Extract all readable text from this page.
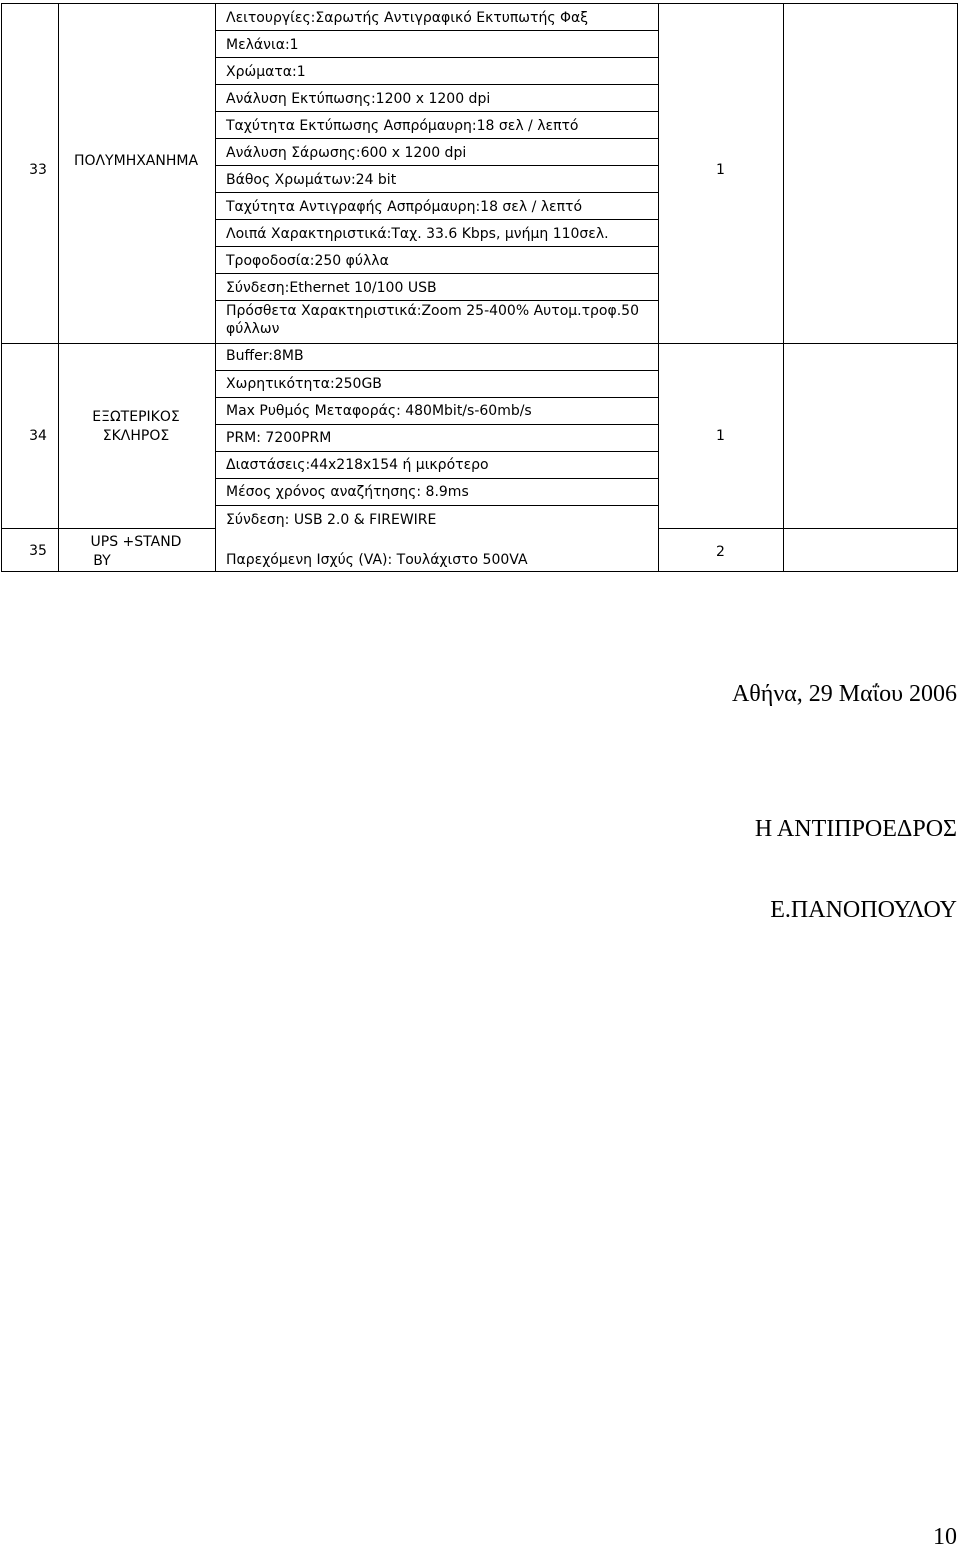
33
ΠΟΛΥΜΗΧΑΝΗΜΑ
1
Λειτουργίες:Σαρωτής Αντιγραφικό Εκτυπωτής Φαξ
Μελάνια:1
Χρώματα:1
Ανάλυση Εκτύπωσης:1200 x 1200 dpi
Ταχύτητα Εκτύπωσης Ασπρόμαυρη:18 σελ / λεπτό
Ανάλυση Σάρωσης:600 x 1200 dpi
Βάθος Χρωμάτων:24 bit
Ταχύτητα Αντιγραφής Ασπρόμαυρη:18 σελ / λεπτό
Λοιπά Χαρακτηριστικά:Ταχ. 33.6 Kbps, μνήμη 110σελ.
Τροφοδοσία:250 φύλλα
Σύνδεση:Ethernet 10/100 USB
Πρόσθετα Χαρακτηριστικά:Zoom 25-400% Αυτομ.τροφ.50
φύλλων
Buffer:8MB
34
ΕΞΩΤΕΡΙΚΟΣ
ΣΚΛΗΡΟΣ	1
Χωρητικότητα:250GB
Max Ρυθμός Μεταφοράς: 480Mbit/s-60mb/s
PRM: 7200PRM
Διαστάσεις:44x218x154 ή μικρότερο
Μέσος χρόνος αναζήτησης: 8.9ms
Σύνδεση: USB 2.0 & FIREWIRE
35
UPS +STAND
BY
2
Παρεχόμενη Ισχύς (VA): Τουλάχιστο 500VA
Αθήνα, 29 Μαΐου 2006
Η ΑΝΤΙΠΡΟΕΔΡΟΣ
Ε.ΠΑΝΟΠΟΥΛΟΥ
10
